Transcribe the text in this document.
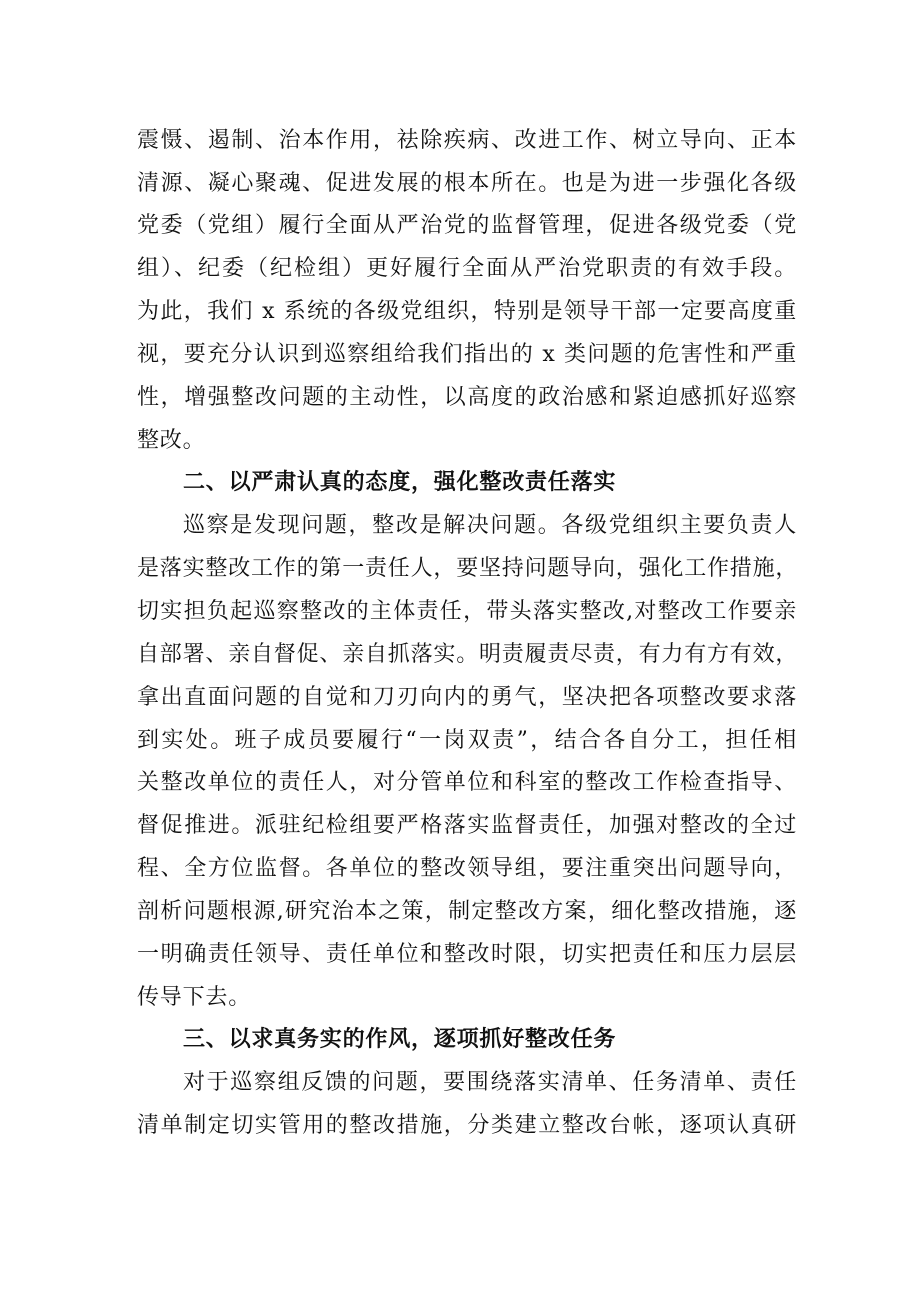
震慑、遏制、治本作用，祛除疾病、改进工作、树立导向、正本
清源、凝心聚魂、促进发展的根本所在。也是为进一步强化各级
党委（党组）履行全面从严治党的监督管理，促进各级党委（党
组）、纪委（纪检组）更好履行全面从严治党职责的有效手段。
为此，我们 x 系统的各级党组织，特别是领导干部一定要高度重
视，要充分认识到巡察组给我们指出的 x 类问题的危害性和严重
性，增强整改问题的主动性，以高度的政治感和紧迫感抓好巡察
整改。
二、以严肃认真的态度，强化整改责任落实
巡察是发现问题，整改是解决问题。各级党组织主要负责人
是落实整改工作的第一责任人，要坚持问题导向，强化工作措施，
切实担负起巡察整改的主体责任，带头落实整改,对整改工作要亲
自部署、亲自督促、亲自抓落实。明责履责尽责，有力有方有效，
拿出直面问题的自觉和刀刃向内的勇气，坚决把各项整改要求落
到实处。班子成员要履行“一岗双责”，结合各自分工，担任相
关整改单位的责任人，对分管单位和科室的整改工作检查指导、
督促推进。派驻纪检组要严格落实监督责任，加强对整改的全过
程、全方位监督。各单位的整改领导组，要注重突出问题导向，
剖析问题根源,研究治本之策，制定整改方案，细化整改措施，逐
一明确责任领导、责任单位和整改时限，切实把责任和压力层层
传导下去。
三、以求真务实的作风，逐项抓好整改任务
对于巡察组反馈的问题，要围绕落实清单、任务清单、责任
清单制定切实管用的整改措施，分类建立整改台帐，逐项认真研
